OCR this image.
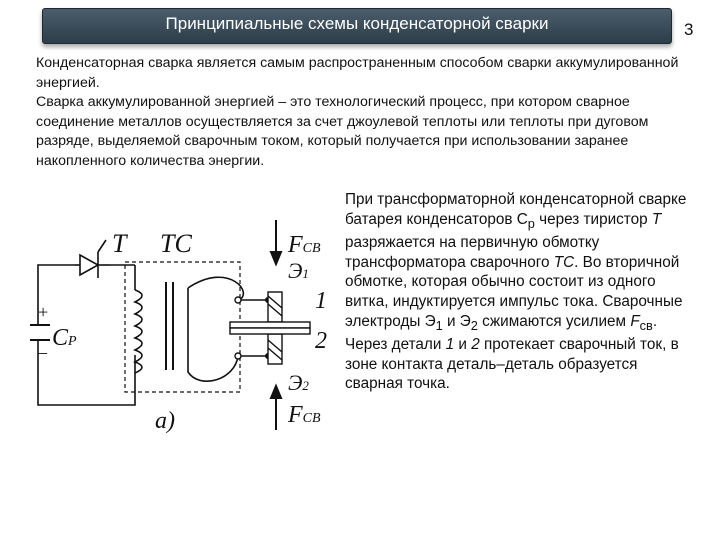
Принципиальные схемы конденсаторной сварки	3

Конденсаторная сварка является самым распространенным способом сварки аккумулированной энергией.

Сварка аккумулированной энергией – это технологический процесс, при котором сварное соединение металлов осуществляется за счет джоулевой теплоты или теплоты при дуговом разряде, выделяемой сварочным током, который получается при использовании заранее накопленного количества энергии.

При трансформаторной конденсаторной сварке батарея конденсаторов $C_p$ через тиристор T разряжается на первичную обмотку трансформатора сварочного TC. Во вторичной обмотке, которая обычно состоит из одного витка, индуктируется импульс тока. Сварочные электроды $Э_1$ и $Э_2$ сжимаются усилием $F_{св}$. Через детали 1 и 2 протекает сварочный ток, в зоне контакта деталь–деталь образуется сварная точка.
T TC	FCB
Э1
1
2
Э2
FCB
+
–
CP
а)
